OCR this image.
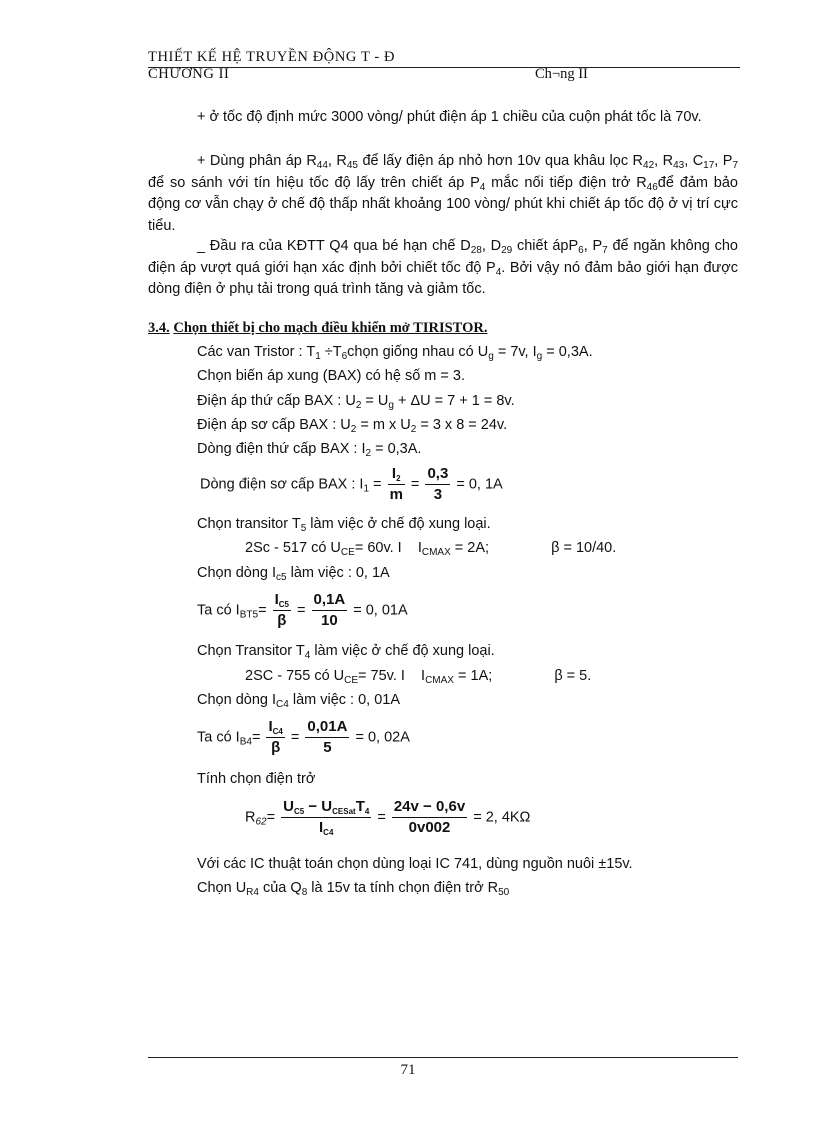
THIẾT KẾ HỆ TRUYỀN ĐỘNG T - Đ
CHƯƠNG II	Ch¬ng II
+ ở tốc độ định mức 3000 vòng/ phút điện áp 1 chiều của cuộn phát tốc là 70v.
+ Dùng phân áp $R_{44}$, $R_{45}$ để lấy điện áp nhỏ hơn 10v qua khâu lọc $R_{42}$, $R_{43}$, $C_{17}$, $P_7$ để so sánh với tín hiệu tốc độ lấy trên chiết áp $P_4$ mắc nối tiếp điện trở $R_{46}để$ đảm bảo động cơ vẫn chạy ở chế độ thấp nhất khoảng 100 vòng/ phút khi chiết áp tốc độ ở vị trí cực tiểu.
_ Đầu ra của KĐTT Q4 qua bé hạn chế $D_{28}$, $D_{29}$ chiết ápP$_6$, $P_7$ để ngăn không cho điện áp vượt quá giới hạn xác định bởi chiết tốc độ $P_4$. Bởi vậy nó đảm bảo giới hạn được dòng điện ở phụ tải trong quá trình tăng và giảm tốc.
3.4. Chọn thiết bị cho mạch điều khiển mở TIRISTOR.
Các van Tristor : $T_1$ $\div T_6chọn$ giống nhau có $U_g = 7v$, $I_g = 0,3A$.
Chọn biến áp xung (BAX) có hệ số m = 3.
Điện áp thứ cấp BAX : $U_2 = U_g + \Delta U = 7 + 1 = 8v$.
Điện áp sơ cấp BAX : $U_2 = m$ x $U_2 = 3$ x 8 = 24v.
Dòng điện thứ cấp BAX : $I_2 = 0,3A$.
Dòng điện sơ cấp BAX : $I_1 = \frac{I_2}{m} = \frac{0,3}{3} = 0$, 1A
Chọn transitor $T_5$ làm việc ở chế độ xung loại.
2Sc - 517 có $U_{CE}= 60v$. I    $I_{CMAX} = 2A$;	β = 10/40.
Chọn dòng $I_{c5}$ làm việc : 0, 1A
Ta có $I_{BT5}= \frac{I_{C5}}{\beta} = \frac{0,1A}{10} = 0$, 01A
Chọn Transitor $T_4$ làm việc ở chế độ xung loại.
2SC - 755 có $U_{CE}= 75v$. I    $I_{CMAX} = 1A$;	β = 5.
Chọn dòng $I_{C4}$ làm việc : 0, 01A
Ta có $I_{B4}= \frac{I_{C4}}{\beta} = \frac{0,01A}{5} = 0$, 02A
Tính chọn điện trở
$R_{62}= \frac{U_{C5} - U_{CESat}T_4}{I_{C4}} = \frac{24v - 0,6v}{0v002} = 2$, 4KΩ
Với các IC thuật toán chọn dùng loại IC 741, dùng nguồn nuôi ±15v.
Chọn $U_{R4}$ của $Q_8$ là 15v ta tính chọn điện trở $R_{50}$
71
